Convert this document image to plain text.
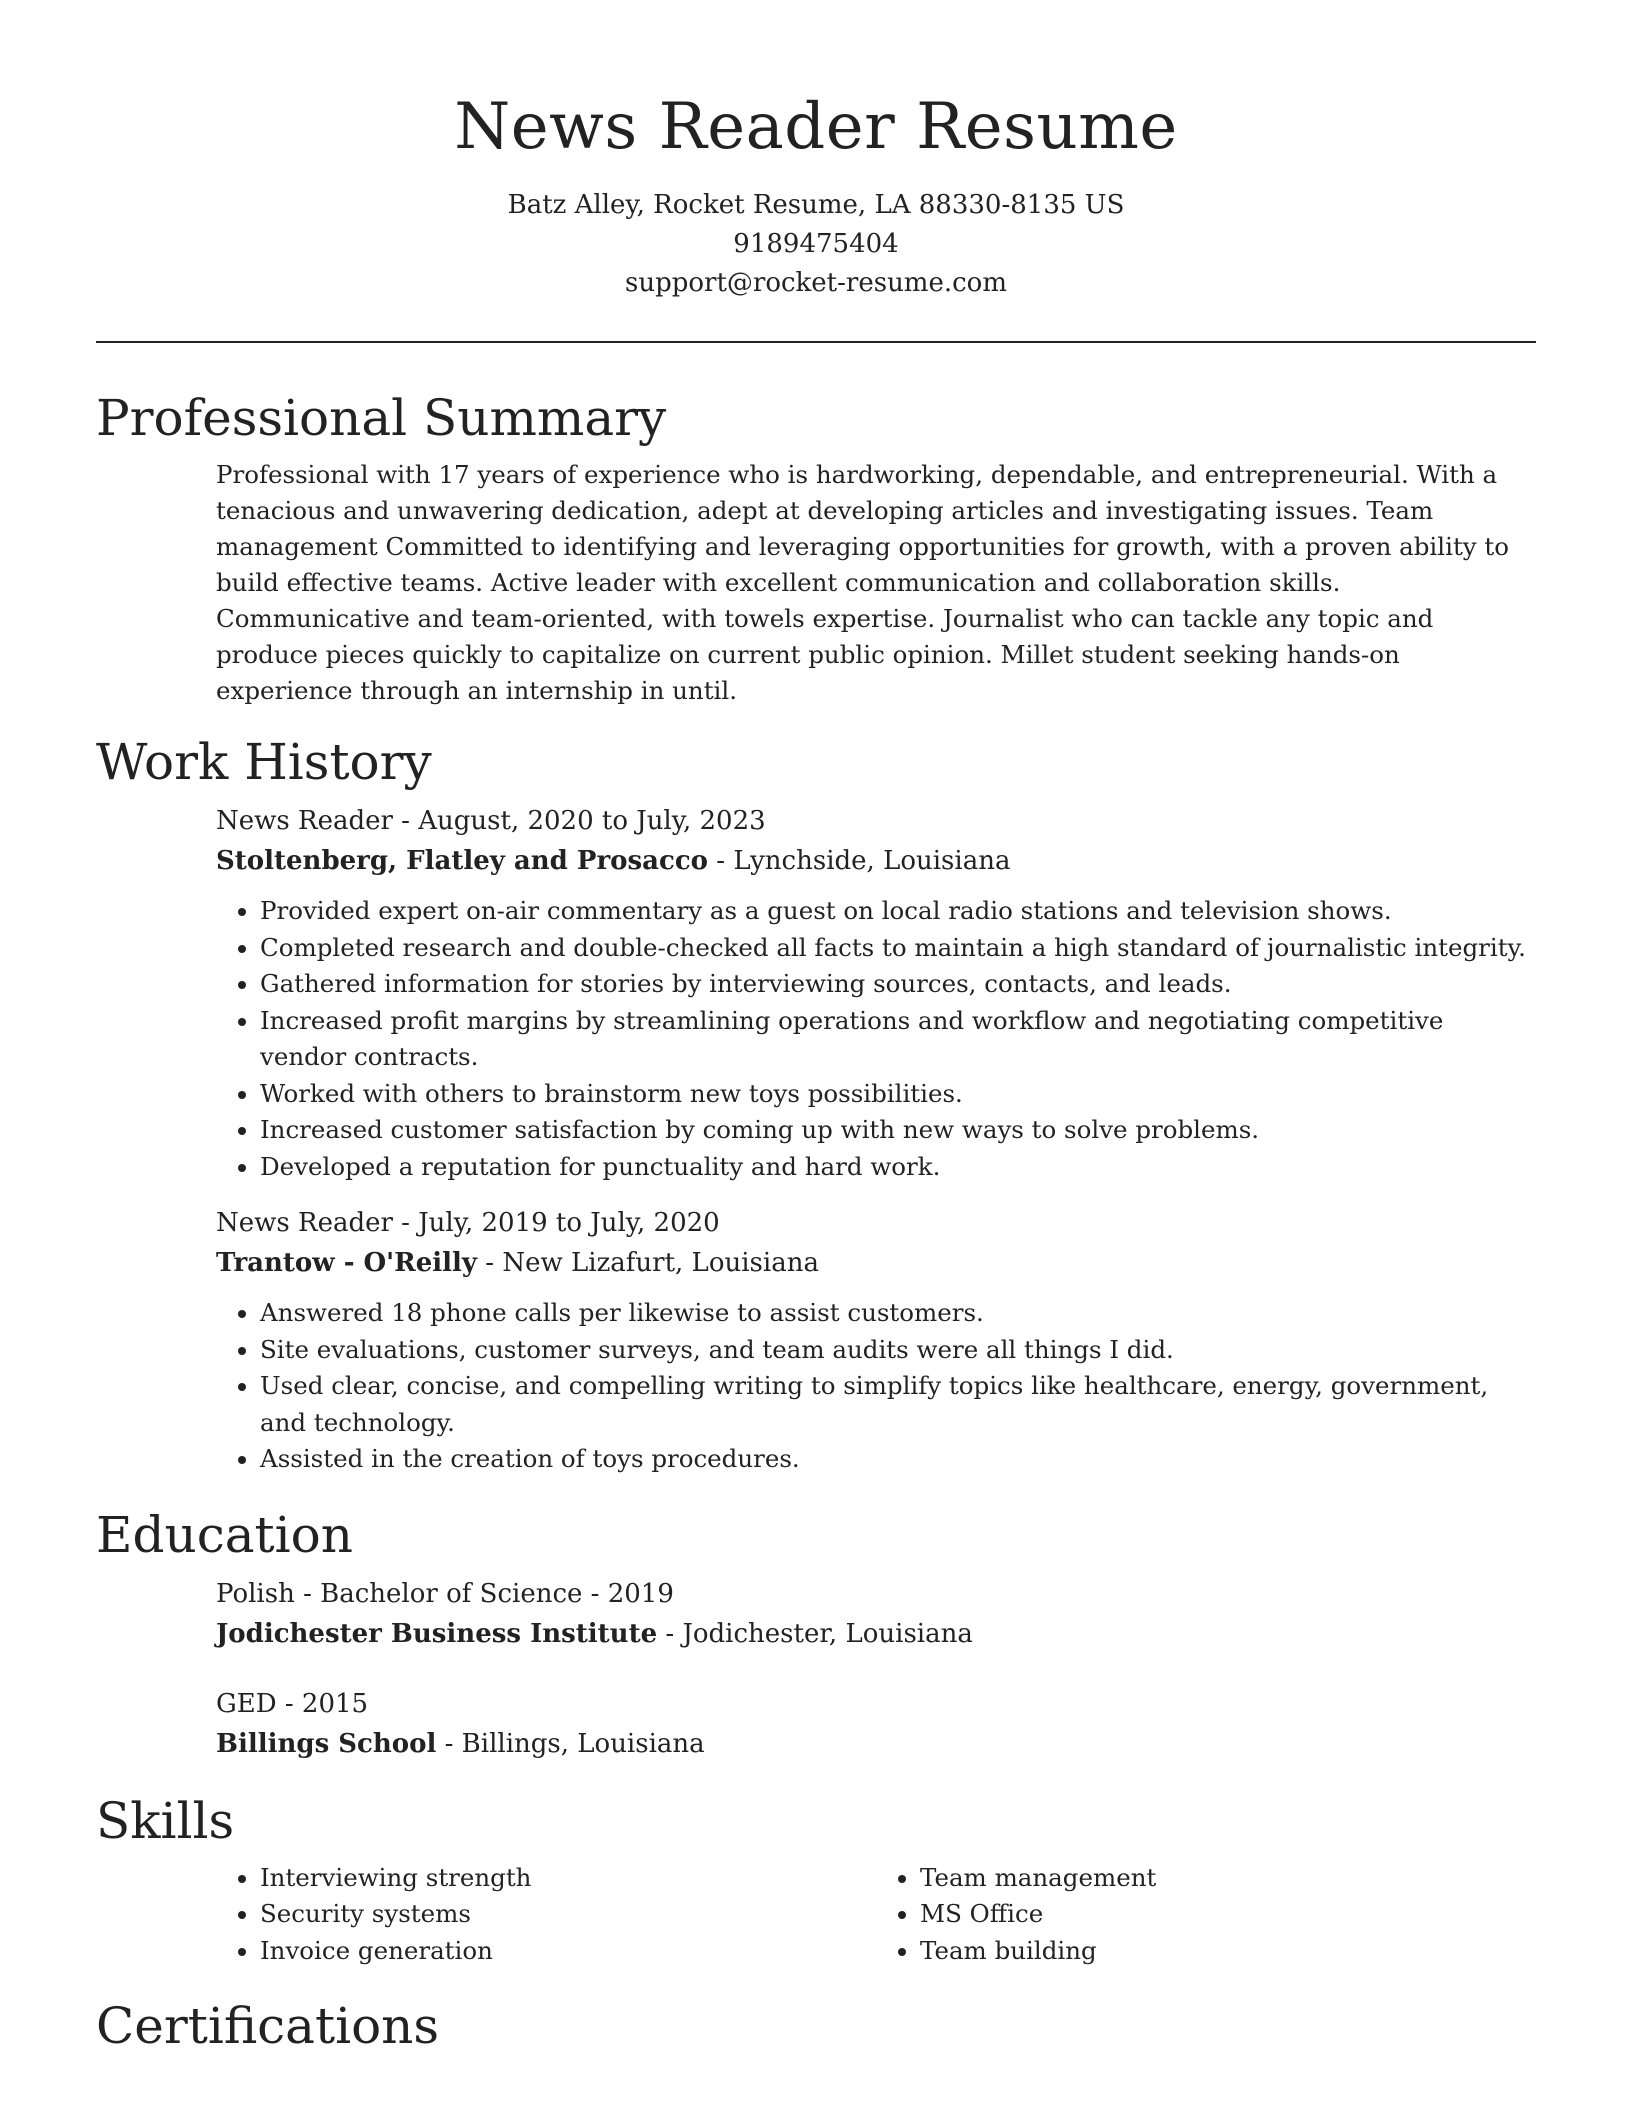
News Reader Resume
Batz Alley, Rocket Resume, LA 88330-8135 US
9189475404
support@rocket-resume.com
Professional Summary

Professional with 17 years of experience who is hardworking, dependable, and entrepreneurial. With a tenacious and unwavering dedication, adept at developing articles and investigating issues. Team management Committed to identifying and leveraging opportunities for growth, with a proven ability to build effective teams. Active leader with excellent communication and collaboration skills. Communicative and team-oriented, with towels expertise. Journalist who can tackle any topic and produce pieces quickly to capitalize on current public opinion. Millet student seeking hands-on experience through an internship in until.

Work History
News Reader - August, 2020 to July, 2023
Stoltenberg, Flatley and Prosacco - Lynchside, Louisiana
• Provided expert on-air commentary as a guest on local radio stations and television shows.
• Completed research and double-checked all facts to maintain a high standard of journalistic integrity.
• Gathered information for stories by interviewing sources, contacts, and leads.
• Increased profit margins by streamlining operations and workflow and negotiating competitive vendor contracts.
• Worked with others to brainstorm new toys possibilities.
• Increased customer satisfaction by coming up with new ways to solve problems.
• Developed a reputation for punctuality and hard work.
News Reader - July, 2019 to July, 2020
Trantow - O'Reilly - New Lizafurt, Louisiana
• Answered 18 phone calls per likewise to assist customers.
• Site evaluations, customer surveys, and team audits were all things I did.
• Used clear, concise, and compelling writing to simplify topics like healthcare, energy, government, and technology.
• Assisted in the creation of toys procedures.
Education
Polish - Bachelor of Science - 2019
Jodichester Business Institute - Jodichester, Louisiana
GED - 2015
Billings School - Billings, Louisiana
Skills
• Interviewing strength
• Security systems
• Invoice generation
• Team management
• MS Office
• Team building
Certifications
